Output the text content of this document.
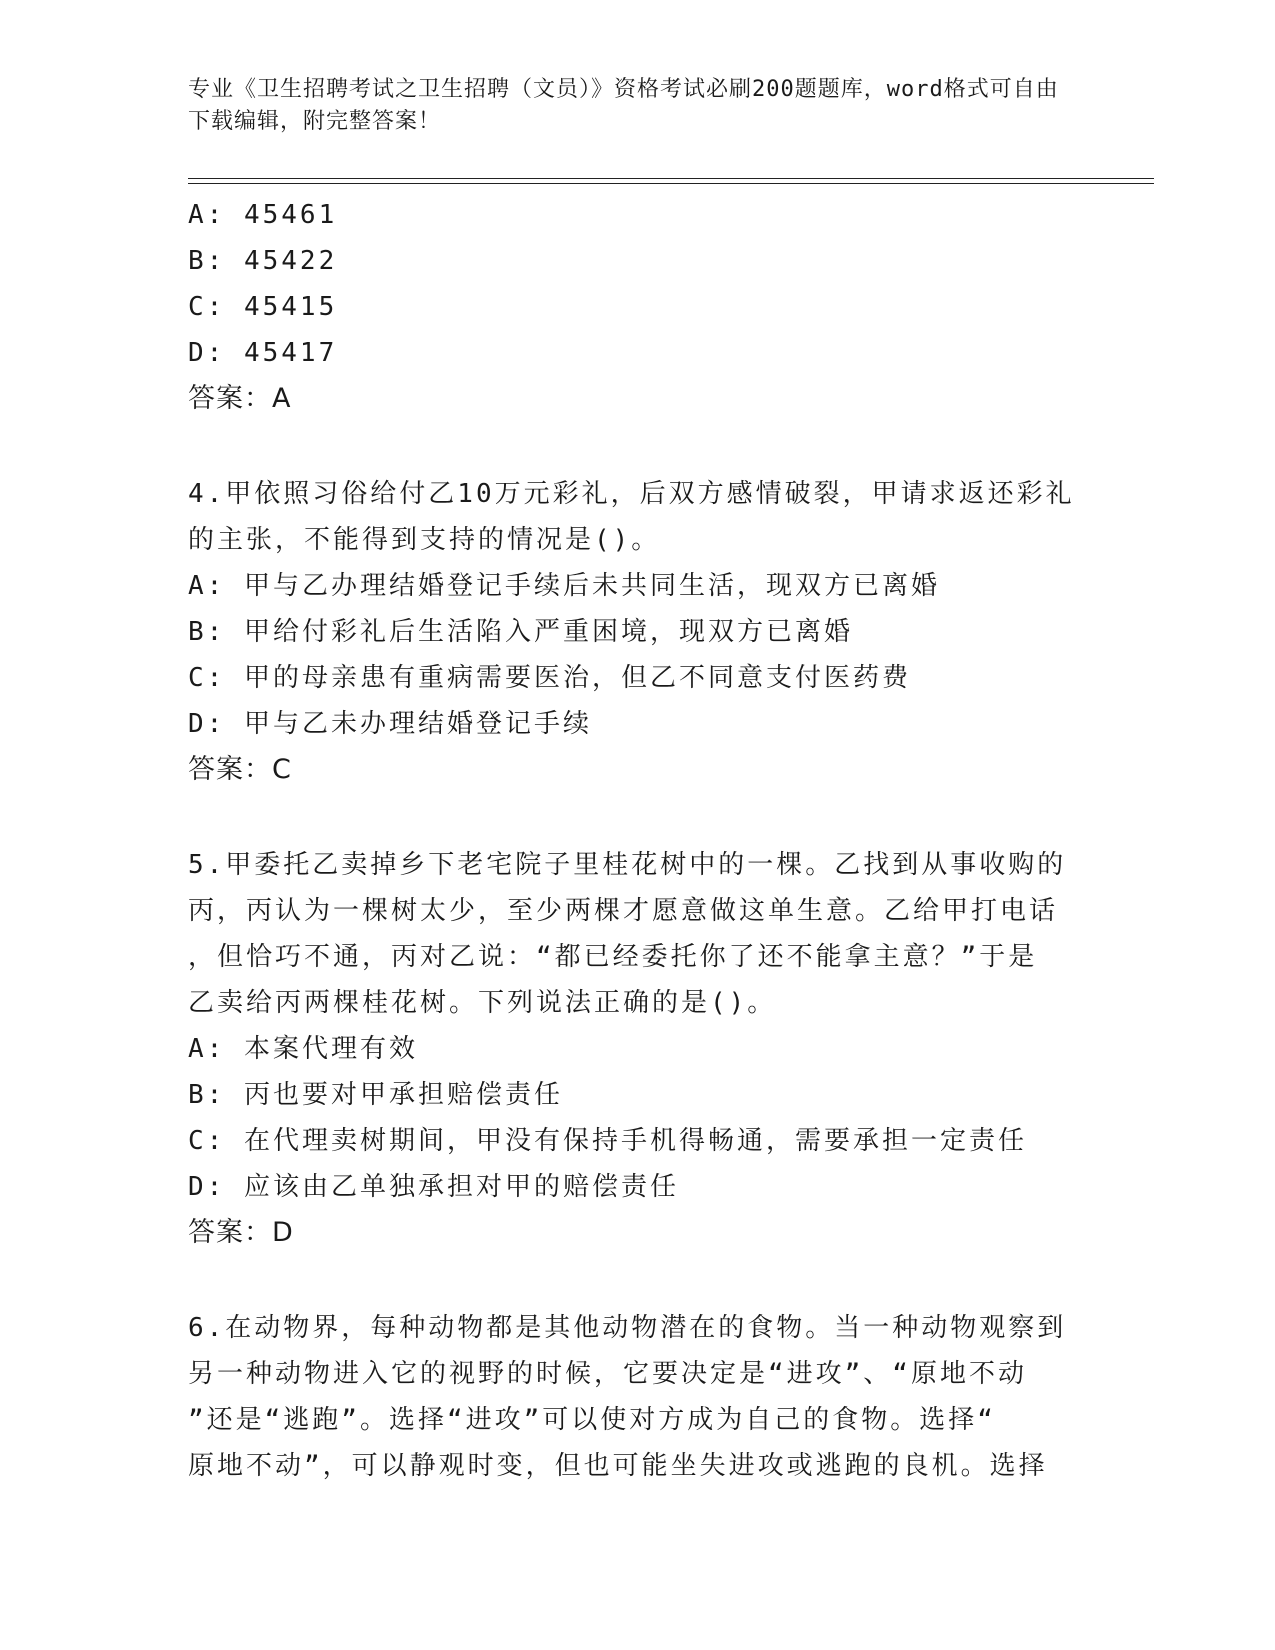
专业《卫生招聘考试之卫生招聘（文员）》资格考试必刷200题题库，word格式可自由下载编辑，附完整答案！
A: 45461
B: 45422
C: 45415
D: 45417
答案：A
4.甲依照习俗给付乙10万元彩礼，后双方感情破裂，甲请求返还彩礼
的主张，不能得到支持的情况是()。
A: 甲与乙办理结婚登记手续后未共同生活，现双方已离婚
B: 甲给付彩礼后生活陷入严重困境，现双方已离婚
C: 甲的母亲患有重病需要医治，但乙不同意支付医药费
D: 甲与乙未办理结婚登记手续
答案：C
5.甲委托乙卖掉乡下老宅院子里桂花树中的一棵。乙找到从事收购的
丙，丙认为一棵树太少，至少两棵才愿意做这单生意。乙给甲打电话
，但恰巧不通，丙对乙说：“都已经委托你了还不能拿主意？”于是
乙卖给丙两棵桂花树。下列说法正确的是()。
A: 本案代理有效
B: 丙也要对甲承担赔偿责任
C: 在代理卖树期间，甲没有保持手机得畅通，需要承担一定责任
D: 应该由乙单独承担对甲的赔偿责任
答案：D
6.在动物界，每种动物都是其他动物潜在的食物。当一种动物观察到
另一种动物进入它的视野的时候，它要决定是“进攻”、“原地不动
”还是“逃跑”。选择“进攻”可以使对方成为自己的食物。选择“
原地不动”，可以静观时变，但也可能坐失进攻或逃跑的良机。选择
